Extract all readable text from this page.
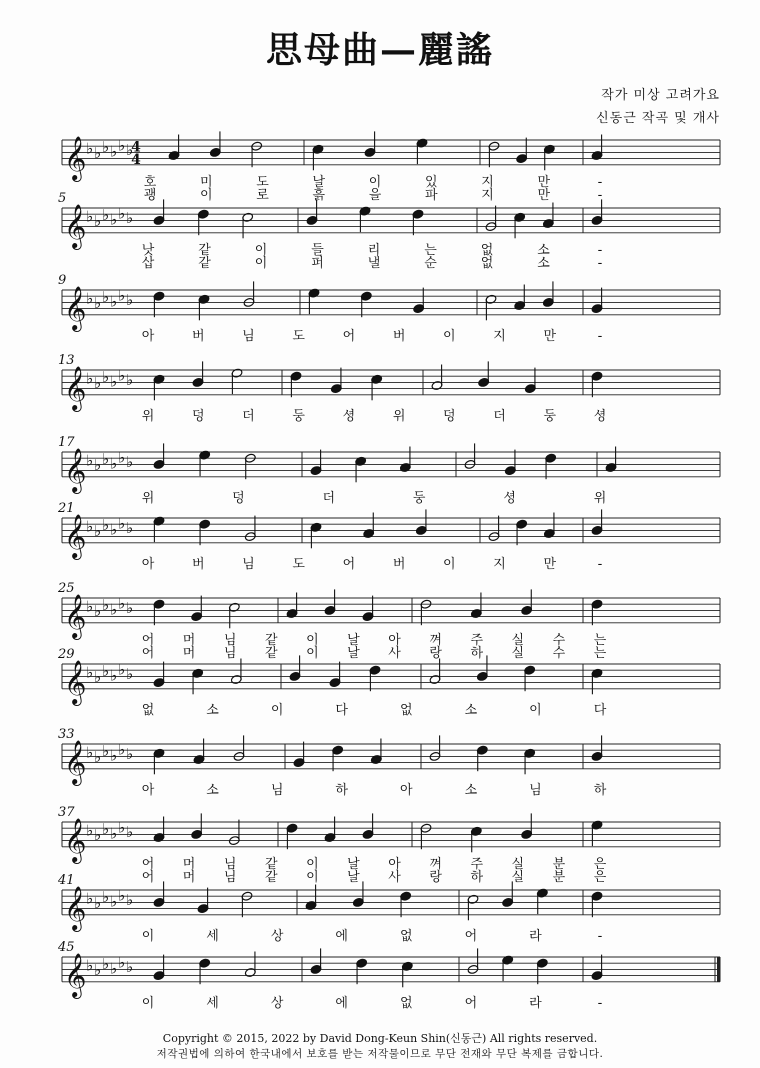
思母曲—麗謠
작가 미상 고려가요
신동근 작곡 및 개사
𝄞 ♭ ♭ ♭ ♭ ♭ ♭
4
4
호	미	도	날	이	있	지	만	-
괭	이	로	흙	을	파	지	만	-
𝄞 ♭ ♭ ♭ ♭ ♭ ♭
5
낫	같	이	들	리	는	없	소	-
삽	같	이	퍼	낼	순	없	소	-
𝄞 ♭ ♭ ♭ ♭ ♭ ♭
9
아	버	님	도	어	버	이	지	만	-
𝄞 ♭ ♭ ♭ ♭ ♭ ♭
13
위	덩	더	둥	셩	위	덩	더	둥	셩
𝄞 ♭ ♭ ♭ ♭ ♭ ♭
17
위	덩	더	둥	셩	위
𝄞 ♭ ♭ ♭ ♭ ♭ ♭
21
아	버	님	도	어	버	이	지	만	-
𝄞 ♭ ♭ ♭ ♭ ♭ ♭
25
어 머 님 같 이 날 아 껴 주 실 수 는
어 머 님 같 이 날 사 랑 하 실 수 는
𝄞 ♭ ♭ ♭ ♭ ♭ ♭
29
없	소	이	다	없	소	이	다
𝄞 ♭ ♭ ♭ ♭ ♭ ♭
33
아	소	님	하	아	소	님	하
𝄞 ♭ ♭ ♭ ♭ ♭ ♭
37
어 머 님 같 이 날 아 껴 주 실 분 은
어 머 님 같 이 날 사 랑 하 실 분 은
𝄞 ♭ ♭ ♭ ♭ ♭ ♭
41
이	세	상	에	없	어	라	-
𝄞 ♭ ♭ ♭ ♭ ♭ ♭
45
이	세	상	에	없	어	라	-
Copyright © 2015, 2022 by David Dong-Keun Shin(신동근) All rights reserved.
저작권법에 의하여 한국내에서 보호를 받는 저작물이므로 무단 전재와 무단 복제를 금합니다.
